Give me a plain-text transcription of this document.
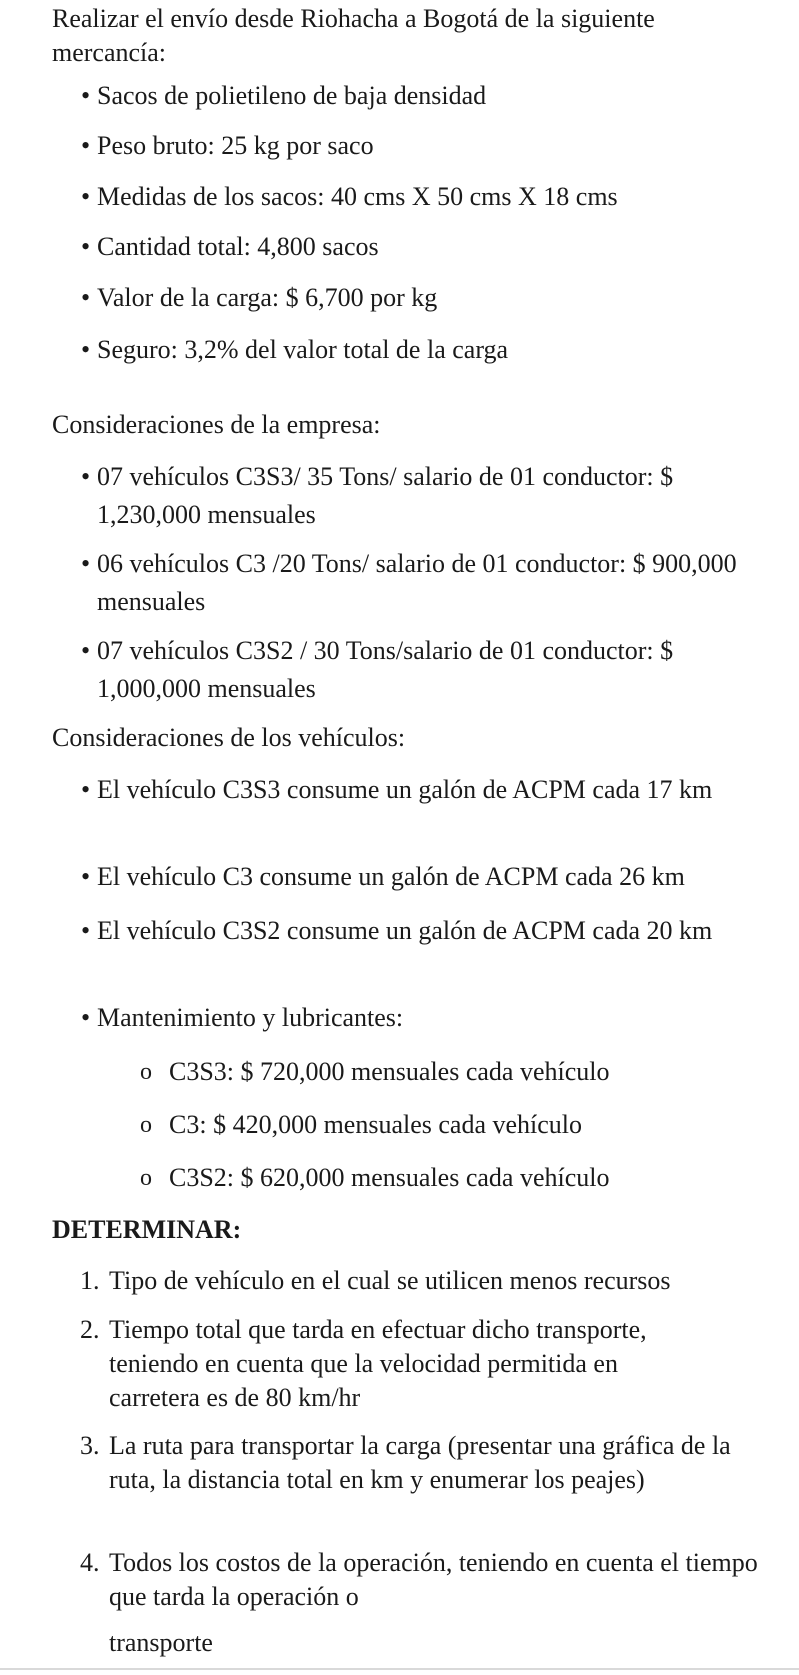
Realizar el envío desde Riohacha a Bogotá de la siguiente mercancía:

• Sacos de polietileno de baja densidad

• Peso bruto: 25 kg por saco

• Medidas de los sacos: 40 cms X 50 cms X 18 cms

• Cantidad total: 4,800 sacos

• Valor de la carga: $ 6,700 por kg

• Seguro: 3,2% del valor total de la carga

Consideraciones de la empresa:

• 07 vehículos C3S3/ 35 Tons/ salario de 01 conductor: $ 1,230,000 mensuales

• 06 vehículos C3 /20 Tons/ salario de 01 conductor: $ 900,000 mensuales

• 07 vehículos C3S2 / 30 Tons/salario de 01 conductor: $ 1,000,000 mensuales

Consideraciones de los vehículos:

• El vehículo C3S3 consume un galón de ACPM cada 17 km

• El vehículo C3 consume un galón de ACPM cada 26 km

• El vehículo C3S2 consume un galón de ACPM cada 20 km

• Mantenimiento y lubricantes:

o C3S3: $ 720,000 mensuales cada vehículo

o C3: $ 420,000 mensuales cada vehículo

o C3S2: $ 620,000 mensuales cada vehículo

DETERMINAR:

1. Tipo de vehículo en el cual se utilicen menos recursos

2. Tiempo total que tarda en efectuar dicho transporte, teniendo en cuenta que la velocidad permitida en carretera es de 80 km/hr

3. La ruta para transportar la carga (presentar una gráfica de la ruta, la distancia total en km y enumerar los peajes)

4. Todos los costos de la operación, teniendo en cuenta el tiempo que tarda la operación o

transporte
